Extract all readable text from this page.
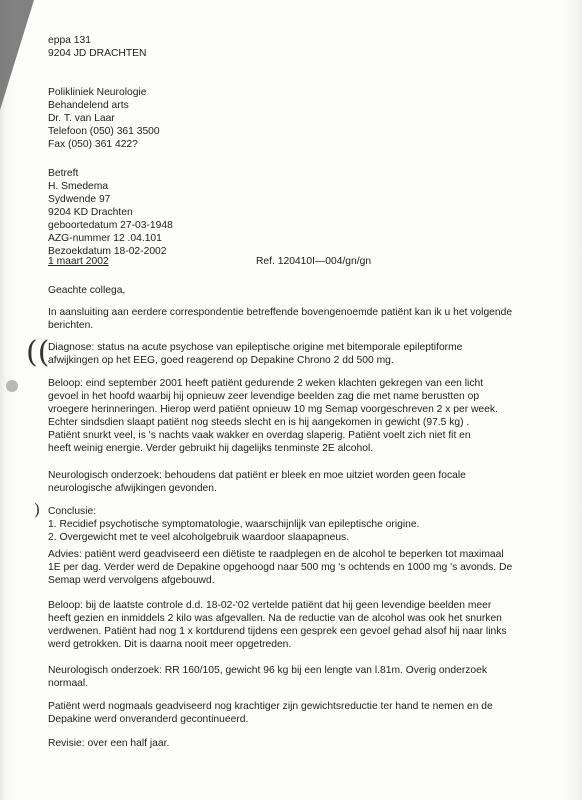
eppa 131
9204 JD DRACHTEN
Polikliniek Neurologie
Behandelend arts
Dr. T. van Laar
Telefoon (050) 361 3500
Fax (050) 361 422?
Betreft
H. Smedema
Sydwende 97
9204 KD Drachten
geboortedatum 27-03-1948
AZG-nummer 12 .04.101
Bezoekdatum 18-02-2002
1 maart 2002	Ref. 120410I—004/gn/gn
Geachte collega,
In aansluiting aan eerdere correspondentie betreffende bovengenoemde patiënt kan ik u het volgende
berichten.
((
Diagnose: status na acute psychose van epileptische origine met bitemporale epileptiforme
afwijkingen op het EEG, goed reagerend op Depakine Chrono 2 dd 500 mg.
Beloop: eind september 2001 heeft patiënt gedurende 2 weken klachten gekregen van een licht
gevoel in het hoofd waarbij hij opnieuw zeer levendige beelden zag die met name berustten op
vroegere herinneringen. Hierop werd patiënt opnieuw 10 mg Semap voorgeschreven 2 x per week.
Echter sindsdien slaapt patiënt nog steeds slecht en is hij aangekomen in gewicht (97.5 kg) .
Patiënt snurkt veel, is 's nachts vaak wakker en overdag slaperig. Patiënt voelt zich niet fit en
heeft weinig energie. Verder gebruikt hij dagelijks tenminste 2E alcohol.
Neurologisch onderzoek: behoudens dat patiënt er bleek en moe uitziet worden geen focale
neurologische afwijkingen gevonden.
) Conclusie:
1. Recidief psychotische symptomatologie, waarschijnlijk van epileptische origine.
2. Overgewicht met te veel alcoholgebruik waardoor slaapapneus.
Advies: patiënt werd geadviseerd een diëtiste te raadplegen en de alcohol te beperken tot maximaal
1E per dag. Verder werd de Depakine opgehoogd naar 500 mg 's ochtends en 1000 mg 's avonds. De
Semap werd vervolgens afgebouwd.
Beloop: bij de laatste controle d.d. 18-02-'02 vertelde patiënt dat hij geen levendige beelden meer
heeft gezien en inmiddels 2 kilo was afgevallen. Na de reductie van de alcohol was ook het snurken
verdwenen. Patiënt had nog 1 x kortdurend tijdens een gesprek een gevoel gehad alsof hij naar links
werd getrokken. Dit is daarna nooit meer opgetreden.
Neurologisch onderzoek: RR 160/105, gewicht 96 kg bij een lengte van l.81m. Overig onderzoek
normaal.
Patiënt werd nogmaals geadviseerd nog krachtiger zijn gewichtsreductie ter hand te nemen en de
Depakine werd onveranderd gecontinueerd.
Revisie: over een half jaar.
